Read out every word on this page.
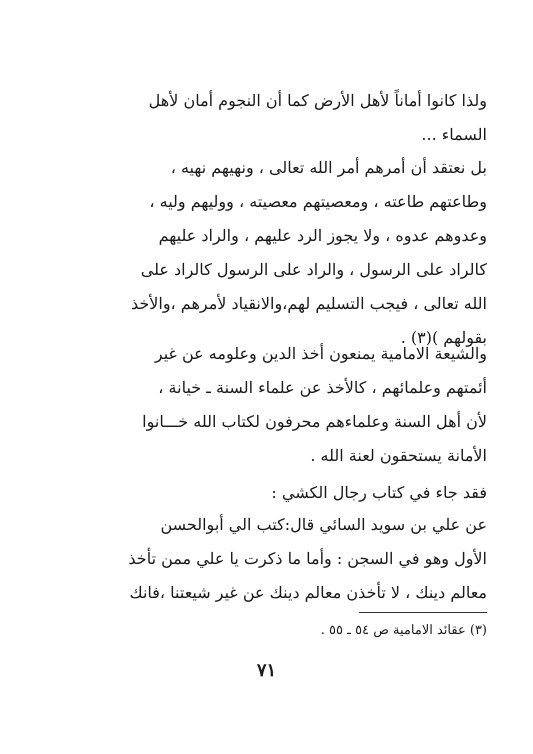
ولذا كانوا أماناً لأهل الأرض كما أن النجوم أمان لأهل
السماء ...
بل نعتقد أن أمرهم أمر الله تعالى ، ونهيهم نهيه ،
وطاعتهم طاعته ، ومعصيتهم معصيته ، ووليهم وليه ،
وعدوهم عدوه ، ولا يجوز الرد عليهم ، والراد عليهم
كالراد على الرسول ، والراد على الرسول كالراد على
الله تعالى ، فيجب التسليم لهم،والانقياد لأمرهم ،والأخذ
بقولهم )(٣) .
والشيعة الامامية يمنعون أخذ الدين وعلومه عن غير
أئمتهم وعلمائهم ، كالأخذ عن علماء السنة ـ خيانة ،
لأن أهل السنة وعلماءهم محرفون لكتاب الله خـــانوا
الأمانة يستحقون لعنة الله .
فقد جاء في كتاب رجال الكشي :
عن علي بن سويد السائي قال:كتب الي أبوالحسن
الأول وهو في السجن : وأما ما ذكرت يا علي ممن تأخذ
معالم دينك ، لا تأخذن معالم دينك عن غير شيعتنا ،فانك
(٣) عقائد الامامية ص ٥٤ ـ ٥٥ .
٧١
